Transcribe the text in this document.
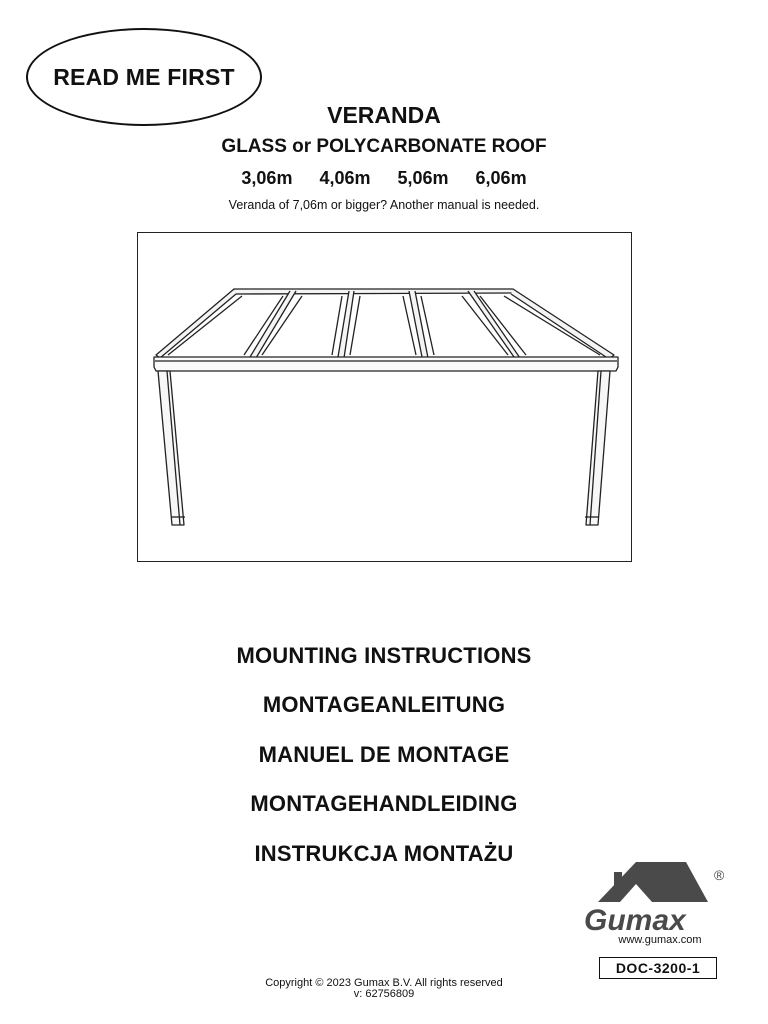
READ ME FIRST
VERANDA
GLASS or POLYCARBONATE ROOF
3,06m   4,06m   5,06m   6,06m
Veranda of 7,06m or bigger? Another manual is needed.
MOUNTING INSTRUCTIONS
MONTAGEANLEITUNG
MANUEL DE MONTAGE
MONTAGEHANDLEIDING
INSTRUKCJA MONTAŻU
Gumax
®
www.gumax.com
DOC-3200-1
Copyright © 2023 Gumax B.V. All rights reserved
v: 62756809
